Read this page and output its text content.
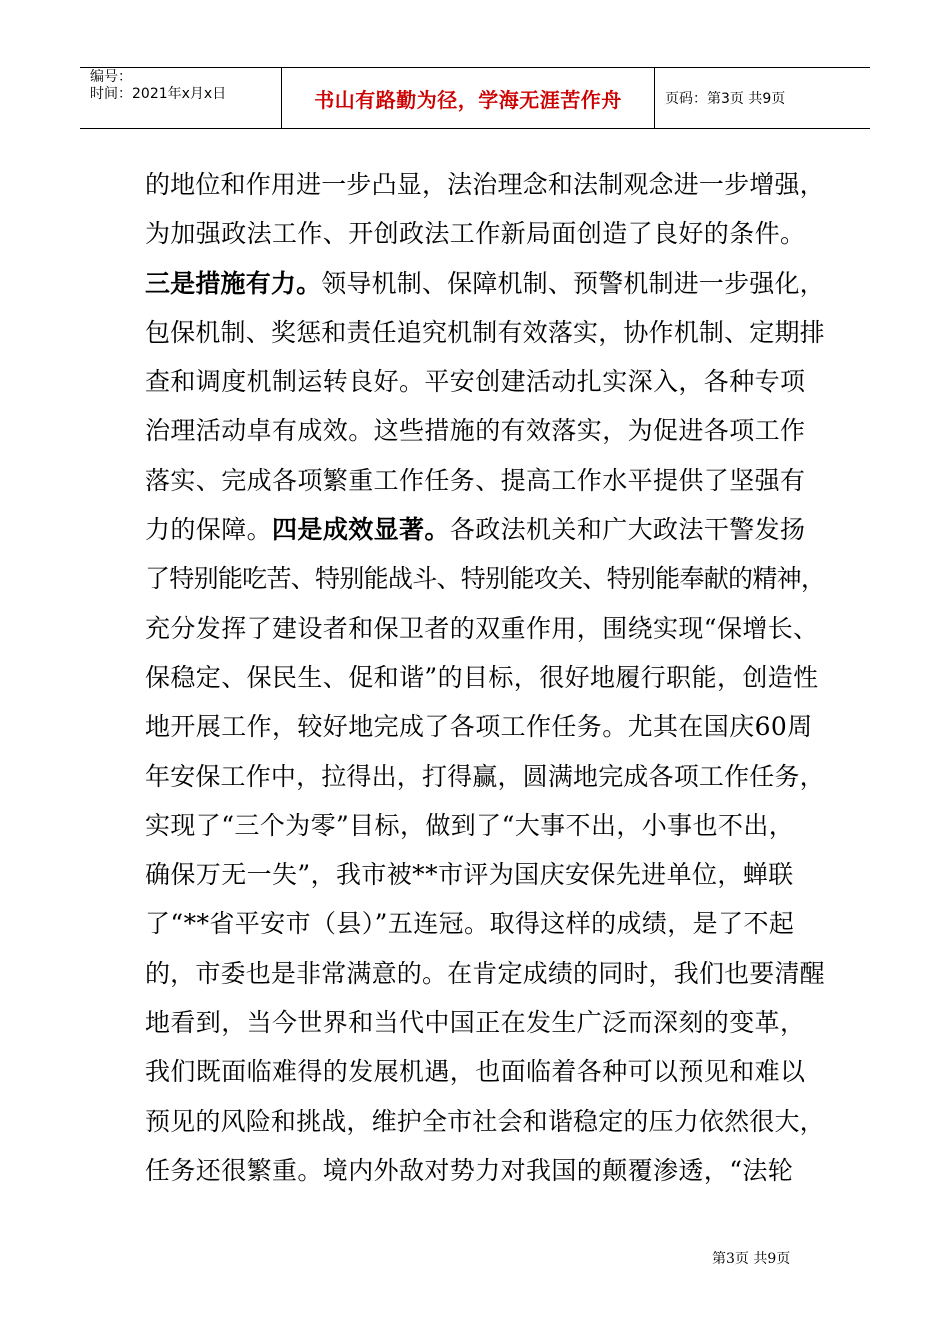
编号：
时间：2021年x月x日	书山有路勤为径，学海无涯苦作舟	页码：第3页 共9页
的地位和作用进一步凸显，法治理念和法制观念进一步增强，
为加强政法工作、开创政法工作新局面创造了良好的条件。
三是措施有力。领导机制、保障机制、预警机制进一步强化，
包保机制、奖惩和责任追究机制有效落实，协作机制、定期排
查和调度机制运转良好。平安创建活动扎实深入，各种专项
治理活动卓有成效。这些措施的有效落实，为促进各项工作
落实、完成各项繁重工作任务、提高工作水平提供了坚强有
力的保障。四是成效显著。各政法机关和广大政法干警发扬
了特别能吃苦、特别能战斗、特别能攻关、特别能奉献的精神，
充分发挥了建设者和保卫者的双重作用，围绕实现“保增长、
保稳定、保民生、促和谐”的目标，很好地履行职能，创造性
地开展工作，较好地完成了各项工作任务。尤其在国庆60周
年安保工作中，拉得出，打得赢，圆满地完成各项工作任务，
实现了“三个为零”目标，做到了“大事不出，小事也不出，
确保万无一失”，我市被**市评为国庆安保先进单位，蝉联
了“**省平安市（县）”五连冠。取得这样的成绩，是了不起
的，市委也是非常满意的。在肯定成绩的同时，我们也要清醒
地看到，当今世界和当代中国正在发生广泛而深刻的变革，
我们既面临难得的发展机遇，也面临着各种可以预见和难以
预见的风险和挑战，维护全市社会和谐稳定的压力依然很大，
任务还很繁重。境内外敌对势力对我国的颠覆渗透，“法轮
第3页 共9页
